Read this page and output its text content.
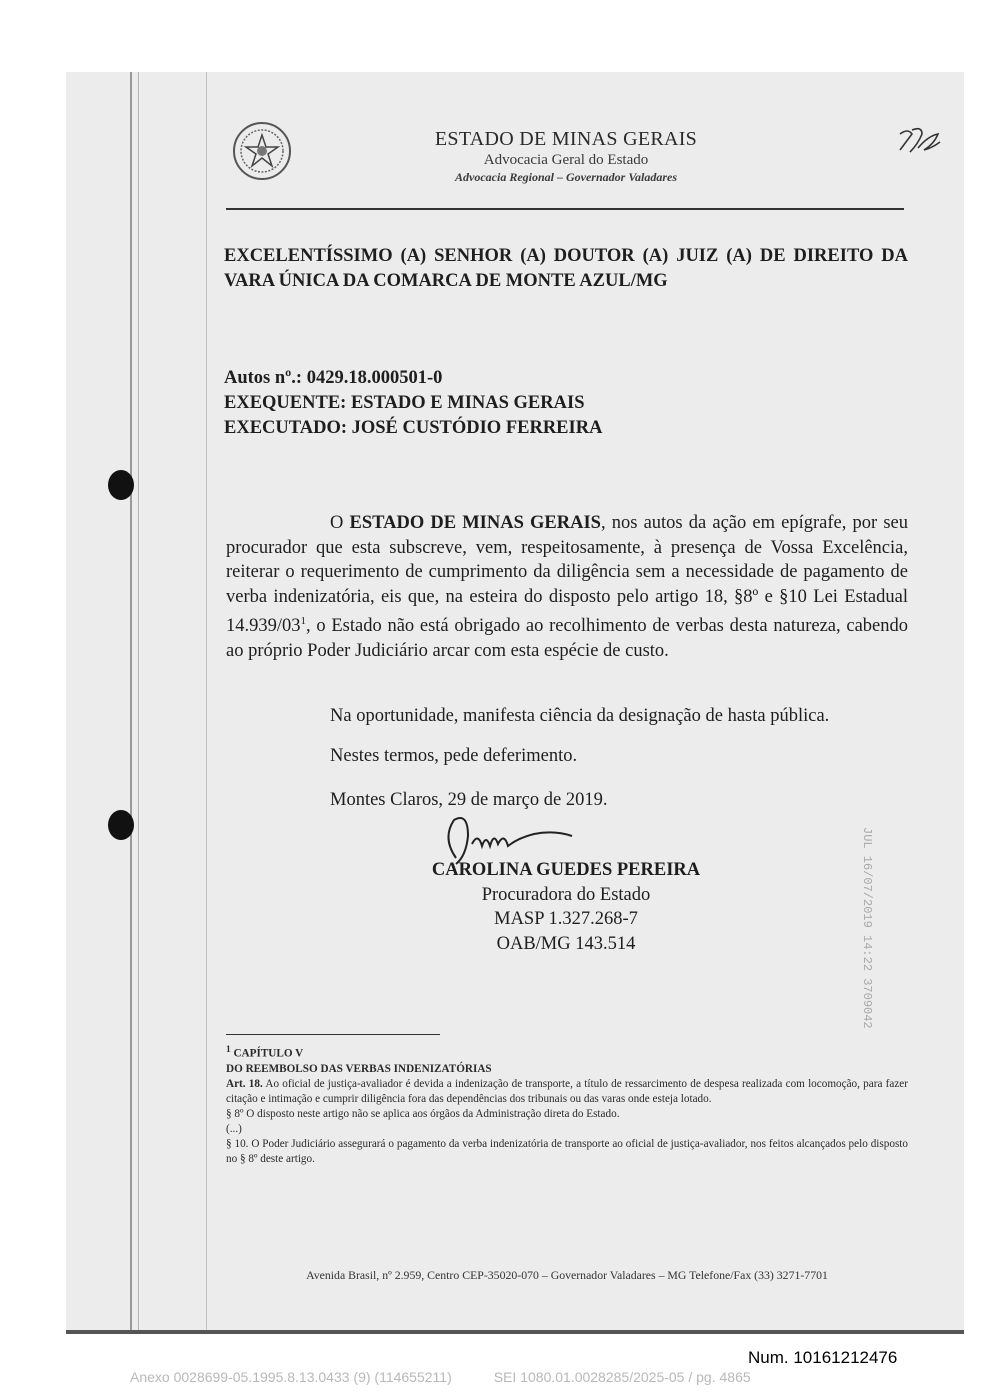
ESTADO DE MINAS GERAIS
Advocacia Geral do Estado
Advocacia Regional – Governador Valadares
EXCELENTÍSSIMO (A) SENHOR (A) DOUTOR (A) JUIZ (A) DE DIREITO DA VARA ÚNICA DA COMARCA DE MONTE AZUL/MG
Autos nº.: 0429.18.000501-0
EXEQUENTE: ESTADO E MINAS GERAIS
EXECUTADO: JOSÉ CUSTÓDIO FERREIRA
O ESTADO DE MINAS GERAIS, nos autos da ação em epígrafe, por seu procurador que esta subscreve, vem, respeitosamente, à presença de Vossa Excelência, reiterar o requerimento de cumprimento da diligência sem a necessidade de pagamento de verba indenizatória, eis que, na esteira do disposto pelo artigo 18, §8º e §10 Lei Estadual $14.939/03^1$, o Estado não está obrigado ao recolhimento de verbas desta natureza, cabendo ao próprio Poder Judiciário arcar com esta espécie de custo.
Na oportunidade, manifesta ciência da designação de hasta pública.
Nestes termos, pede deferimento.
Montes Claros, 29 de março de 2019.
CAROLINA GUEDES PEREIRA
Procuradora do Estado
MASP 1.327.268-7
OAB/MG 143.514	JUL 16/07/2019 14:22 3709042

$^1$ CAPÍTULO V

DO REEMBOLSO DAS VERBAS INDENIZATÓRIAS

Art. 18. Ao oficial de justiça-avaliador é devida a indenização de transporte, a título de ressarcimento de despesa realizada com locomoção, para fazer citação e intimação e cumprir diligência fora das dependências dos tribunais ou das varas onde esteja lotado.

§ 8º O disposto neste artigo não se aplica aos órgãos da Administração direta do Estado.

(...)

§ 10. O Poder Judiciário assegurará o pagamento da verba indenizatória de transporte ao oficial de justiça-avaliador, nos feitos alcançados pelo disposto no § 8º deste artigo.

Avenida Brasil, nº 2.959, Centro CEP-35020-070 – Governador Valadares – MG Telefone/Fax (33) 3271-7701
Num. 10161212476
Anexo 0028699-05.1995.8.13.0433 (9) (114655211)	SEI 1080.01.0028285/2025-05 / pg. 4865
